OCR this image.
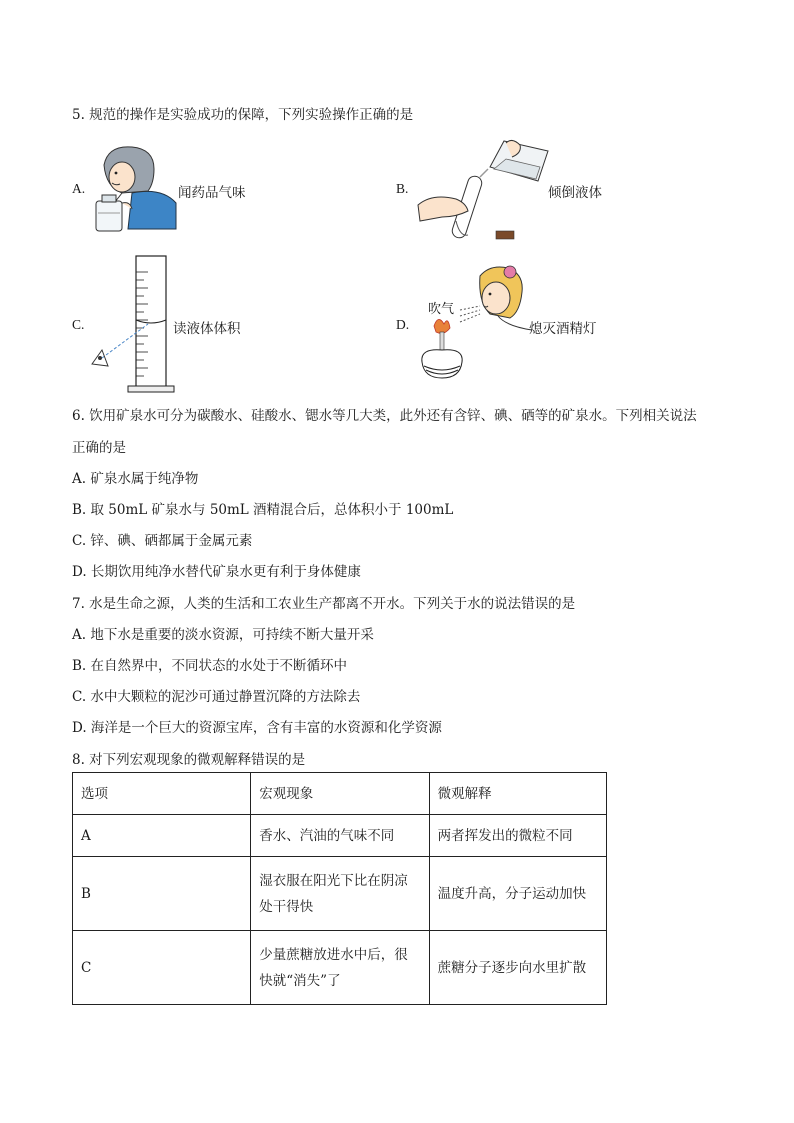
5. 规范的操作是实验成功的保障，下列实验操作正确的是
A.	闻药品气味	B.	倾倒液体
C.	读液体体积	D.
吹气
熄灭酒精灯
6. 饮用矿泉水可分为碳酸水、硅酸水、锶水等几大类，此外还有含锌、碘、硒等的矿泉水。下列相关说法
正确的是
A. 矿泉水属于纯净物
B. 取 50mL 矿泉水与 50mL 酒精混合后，总体积小于 100mL
C. 锌、碘、硒都属于金属元素
D. 长期饮用纯净水替代矿泉水更有利于身体健康
7. 水是生命之源，人类的生活和工农业生产都离不开水。下列关于水的说法错误的是
A. 地下水是重要的淡水资源，可持续不断大量开采
B. 在自然界中，不同状态的水处于不断循环中
C. 水中大颗粒的泥沙可通过静置沉降的方法除去
D. 海洋是一个巨大的资源宝库，含有丰富的水资源和化学资源
8. 对下列宏观现象的微观解释错误的是
选项	宏观现象	微观解释
A	香水、汽油的气味不同	两者挥发出的微粒不同
B	湿衣服在阳光下比在阴凉
处干得快	温度升高，分子运动加快
C	少量蔗糖放进水中后，很
快就“消失”了	蔗糖分子逐步向水里扩散
